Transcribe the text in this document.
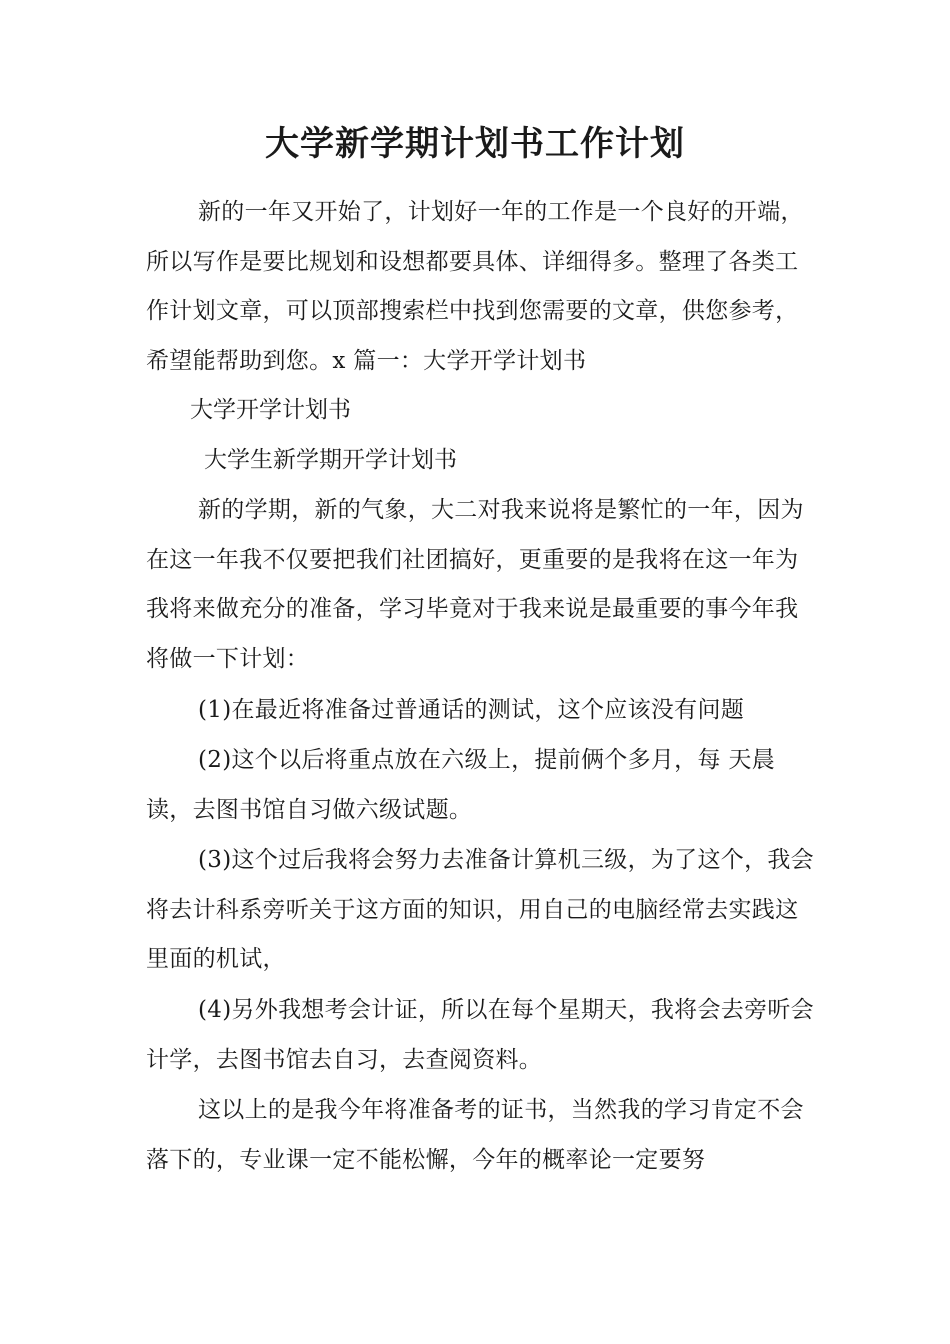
大学新学期计划书工作计划

新的一年又开始了，计划好一年的工作是一个良好的开端，所以写作是要比规划和设想都要具体、详细得多。整理了各类工作计划文章，可以顶部搜索栏中找到您需要的文章，供您参考，希望能帮助到您。x 篇一：大学开学计划书

大学开学计划书

大学生新学期开学计划书

新的学期，新的气象，大二对我来说将是繁忙的一年，因为在这一年我不仅要把我们社团搞好，更重要的是我将在这一年为我将来做充分的准备，学习毕竟对于我来说是最重要的事今年我将做一下计划：

(1)在最近将准备过普通话的测试，这个应该没有问题

(2)这个以后将重点放在六级上，提前俩个多月，每 天晨读，去图书馆自习做六级试题。

(3)这个过后我将会努力去准备计算机三级，为了这个，我会将去计科系旁听关于这方面的知识，用自己的电脑经常去实践这里面的机试，

(4)另外我想考会计证，所以在每个星期天，我将会去旁听会计学，去图书馆去自习，去查阅资料。

这以上的是我今年将准备考的证书，当然我的学习肯定不会落下的，专业课一定不能松懈，今年的概率论一定要努
